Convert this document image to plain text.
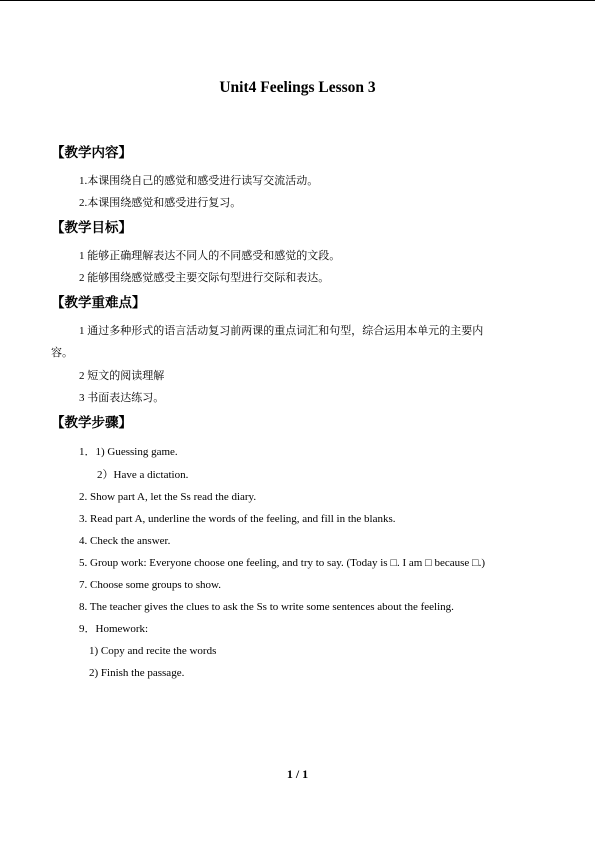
Unit4 Feelings Lesson 3
【教学内容】
1.本课围绕自己的感觉和感受进行读写交流活动。
2.本课围绕感觉和感受进行复习。
【教学目标】
1 能够正确理解表达不同人的不同感受和感觉的文段。
2 能够围绕感觉感受主要交际句型进行交际和表达。
【教学重难点】
1 通过多种形式的语言活动复习前两课的重点词汇和句型，综合运用本单元的主要内
容。
2 短文的阅读理解
3 书面表达练习。
【教学步骤】
1．1) Guessing game.
2）Have a dictation.
2. Show part A, let the Ss read the diary.
3. Read part A, underline the words of the feeling, and fill in the blanks.
4. Check the answer.
5. Group work: Everyone choose one feeling, and try to say. (Today is □. I am □ because □.)
7. Choose some groups to show.
8. The teacher gives the clues to ask the Ss to write some sentences about the feeling.
9．Homework:
1) Copy and recite the words
2) Finish the passage.
1 / 1
